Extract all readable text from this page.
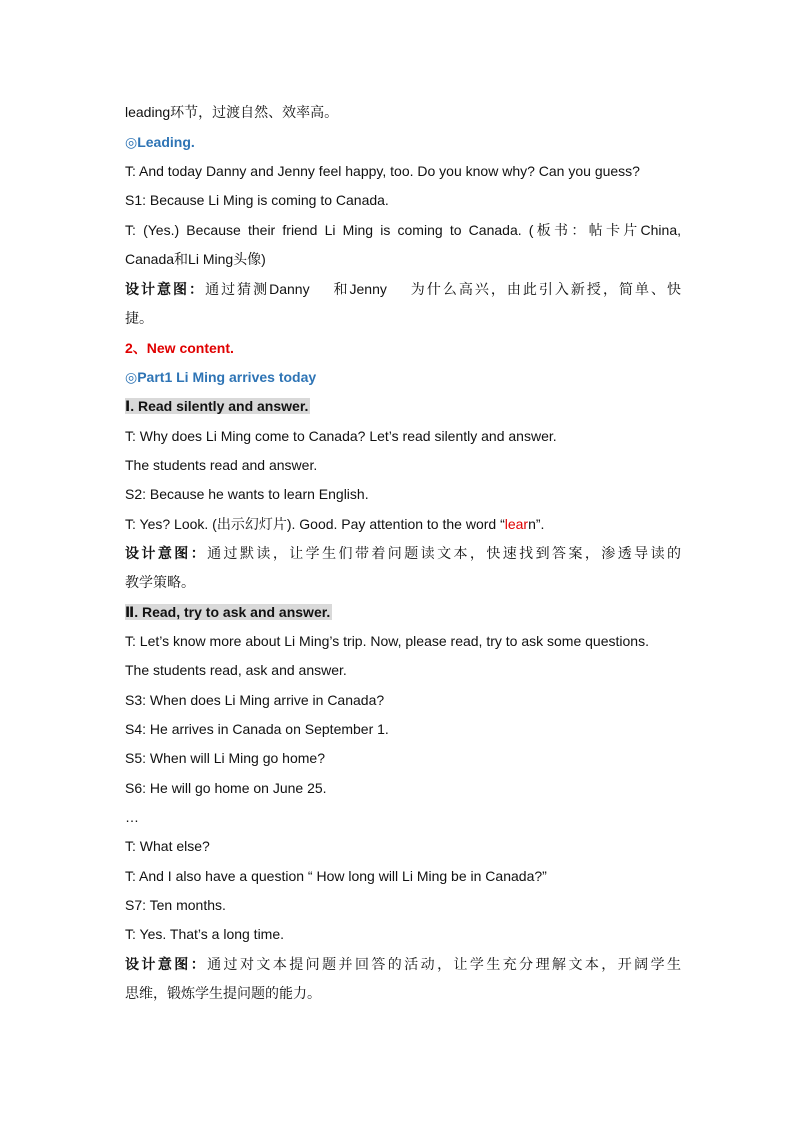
leading环节，过渡自然、效率高。
◎Leading.
T: And today Danny and Jenny feel happy, too. Do you know why? Can you guess?
S1: Because Li Ming is coming to Canada.
T: (Yes.) Because their friend Li Ming is coming to Canada. (板书：帖卡片China,
Canada和Li Ming头像)
设计意图：通过猜测Danny　 和Jenny　 为什么高兴，由此引入新授，简单、快
捷。
2、New content.
◎Part1 Li Ming arrives today
Ⅰ. Read silently and answer.
T: Why does Li Ming come to Canada? Let’s read silently and answer.
The students read and answer.
S2: Because he wants to learn English.
T: Yes? Look. (出示幻灯片). Good. Pay attention to the word “learn”.
设计意图：通过默读，让学生们带着问题读文本，快速找到答案，渗透导读的
教学策略。
Ⅱ. Read, try to ask and answer.
T: Let’s know more about Li Ming’s trip. Now, please read, try to ask some questions.
The students read, ask and answer.
S3: When does Li Ming arrive in Canada?
S4: He arrives in Canada on September 1.
S5: When will Li Ming go home?
S6: He will go home on June 25.
…
T: What else?
T: And I also have a question “ How long will Li Ming be in Canada?”
S7: Ten months.
T: Yes. That’s a long time.
设计意图：通过对文本提问题并回答的活动，让学生充分理解文本，开阔学生
思维，锻炼学生提问题的能力。
